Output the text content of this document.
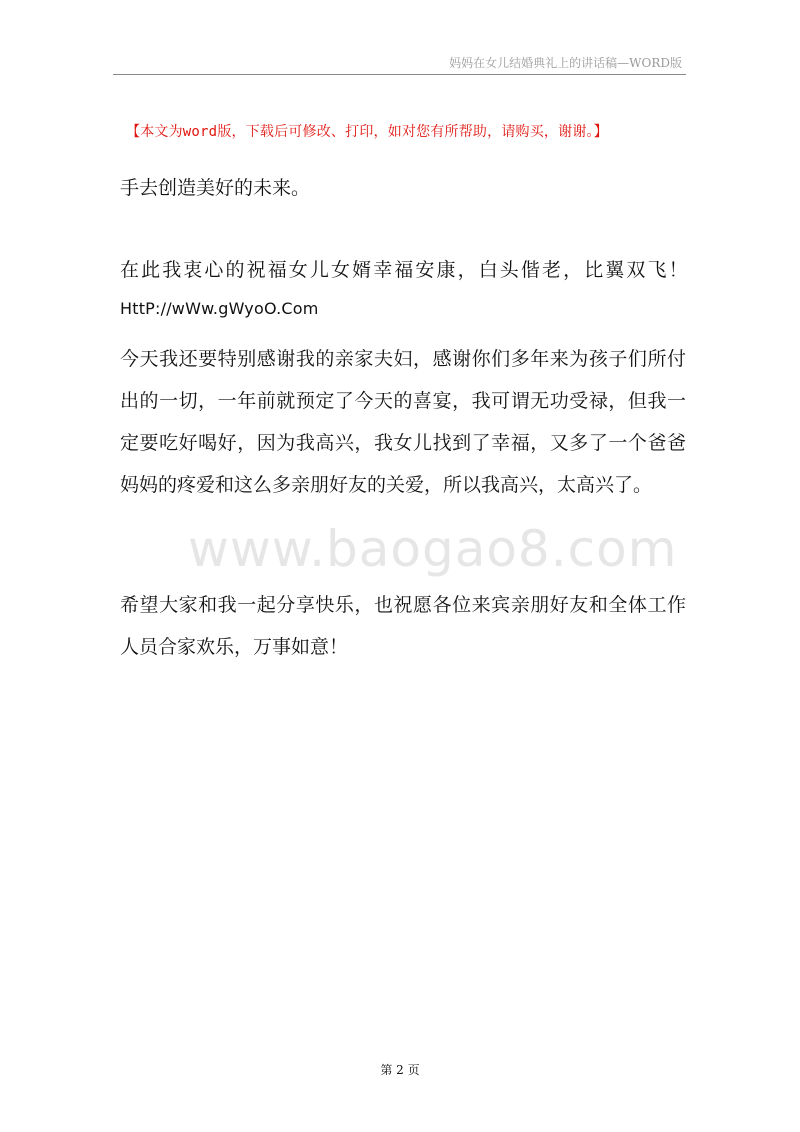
妈妈在女儿结婚典礼上的讲话稿—WORD版
【本文为word版，下载后可修改、打印，如对您有所帮助，请购买，谢谢。】

手去创造美好的未来。

在此我衷心的祝福女儿女婿幸福安康，白头偕老，比翼双飞！

HttP://wWw.gWyoO.Com

今天我还要特别感谢我的亲家夫妇，感谢你们多年来为孩子们所付出的一切，一年前就预定了今天的喜宴，我可谓无功受禄，但我一定要吃好喝好，因为我高兴，我女儿找到了幸福，又多了一个爸爸妈妈的疼爱和这么多亲朋好友的关爱，所以我高兴，太高兴了。

希望大家和我一起分享快乐，也祝愿各位来宾亲朋好友和全体工作人员合家欢乐，万事如意！

www.baogao8.com
第 2 页
